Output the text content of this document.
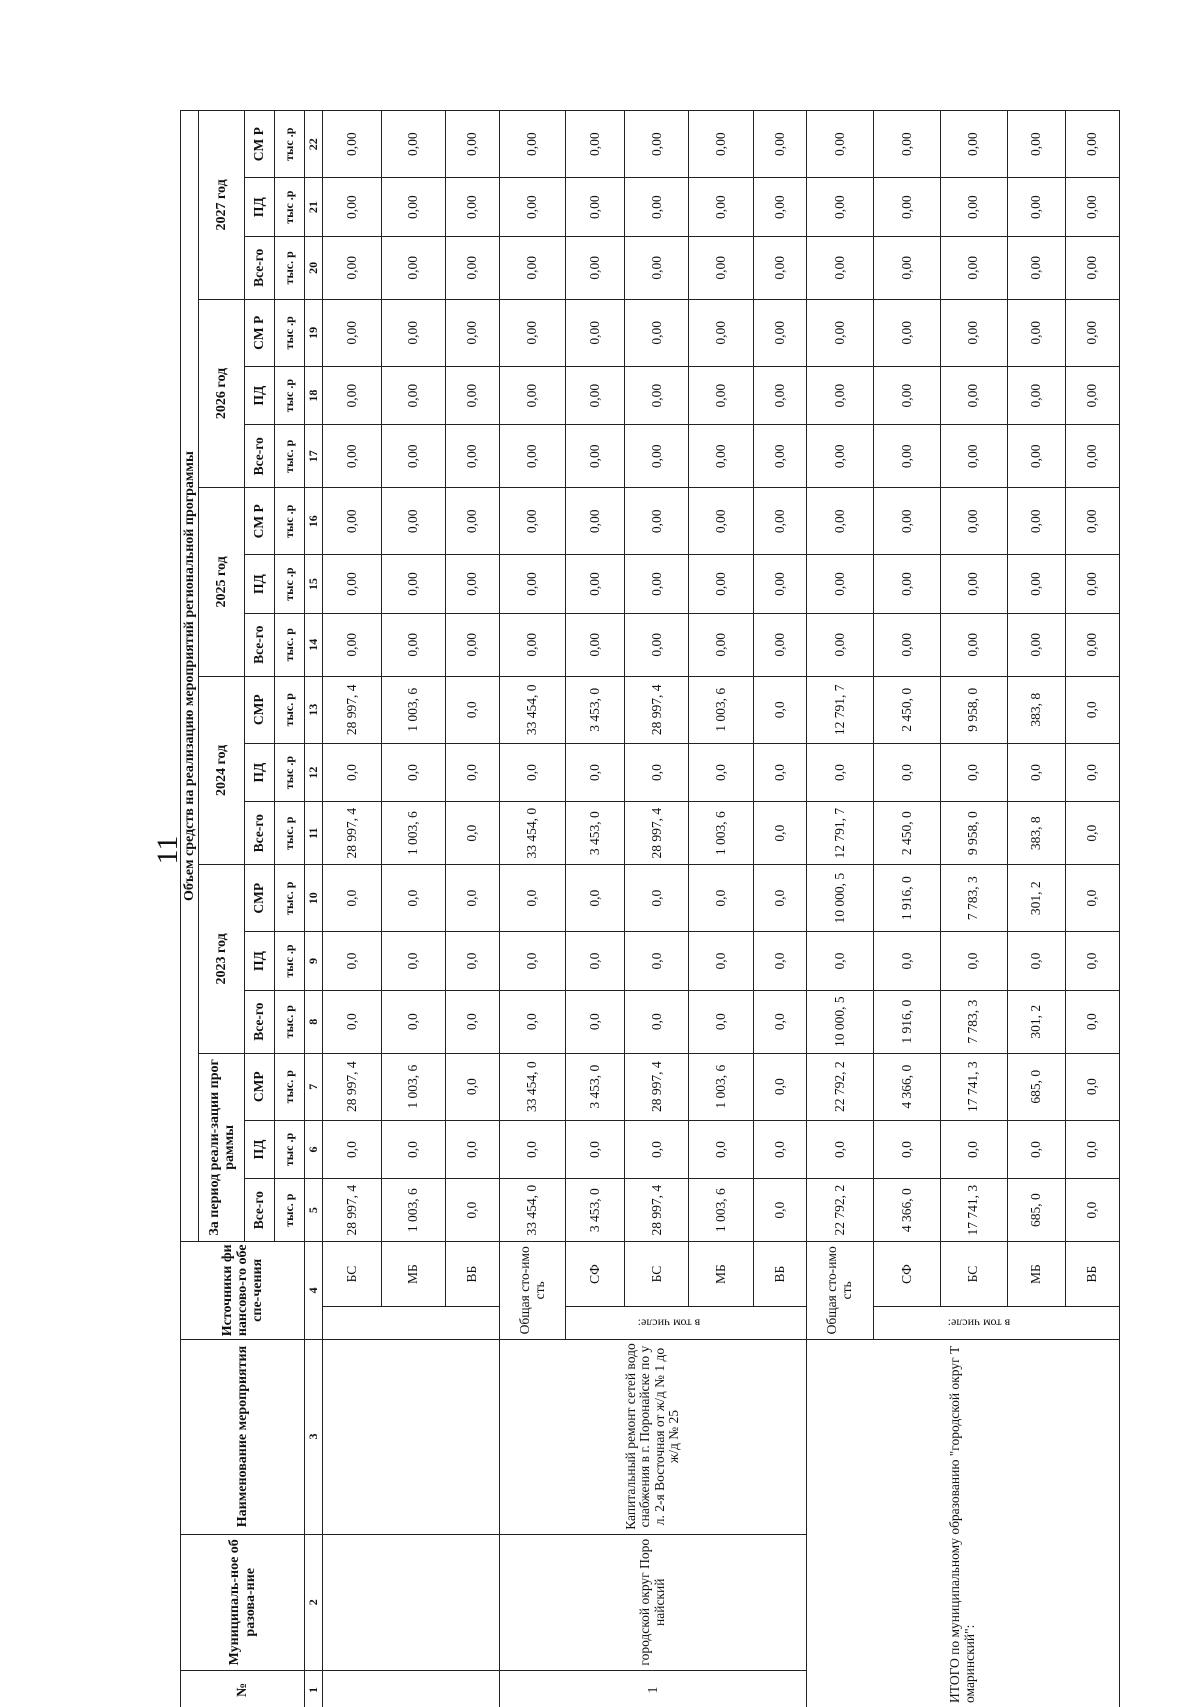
11
№	Муниципаль-ное образова-ние	Наименование мероприятия	Источники финансово-го обеспе-чения		Объем средств на реализацию мероприятий региональной программы																	
					За период реали-зации программы			2023 год			2024 год			2025 год			2026 год			2027 год		
					Все-го	ПД	СМР	Все-го	ПД	СМР	Все-го	ПД	СМР	Все-го	ПД	СМ Р	Все-го	ПД	СМ Р	Все-го	ПД	СМ Р
					тыс. р	тыс .р	тыс. р	тыс. р	тыс .р	тыс. р	тыс. р	тыс .р	тыс. р	тыс. р	тыс .р	тыс .р	тыс. р	тыс .р	тыс .р	тыс. р	тыс .р	тыс .р
1	2	3	4		5	6	7	8	9	10	11	12	13	14	15	16	17	18	19	20	21	22
				БС	28 997, 4	0,0	28 997, 4	0,0	0,0	0,0	28 997, 4	0,0	28 997, 4	0,00	0,00	0,00	0,00	0,00	0,00	0,00	0,00	0,00
				МБ	1 003, 6	0,0	1 003, 6	0,0	0,0	0,0	1 003, 6	0,0	1 003, 6	0,00	0,00	0,00	0,00	0,00	0,00	0,00	0,00	0,00
				ВБ	0,0	0,0	0,0	0,0	0,0	0,0	0,0	0,0	0,0	0,00	0,00	0,00	0,00	0,00	0,00	0,00	0,00	0,00
1	городской округ Поронайский	Капитальный ремонт сетей водоснабжения в г. Поронайске по ул. 2-я Восточная от ж/д № 1 до ж/д № 25	Общая сто-имость		33 454, 0	0,0	33 454, 0	0,0	0,0	0,0	33 454, 0	0,0	33 454, 0	0,00	0,00	0,00	0,00	0,00	0,00	0,00	0,00	0,00

			в том числе:	СФ	3 453, 0	0,0	3 453, 0	0,0	0,0	0,0	3 453, 0	0,0	3 453, 0	0,00	0,00	0,00	0,00	0,00	0,00	0,00	0,00	0,00
				БС	28 997, 4	0,0	28 997, 4	0,0	0,0	0,0	28 997, 4	0,0	28 997, 4	0,00	0,00	0,00	0,00	0,00	0,00	0,00	0,00	0,00
				МБ	1 003, 6	0,0	1 003, 6	0,0	0,0	0,0	1 003, 6	0,0	1 003, 6	0,00	0,00	0,00	0,00	0,00	0,00	0,00	0,00	0,00
				ВБ	0,0	0,0	0,0	0,0	0,0	0,0	0,0	0,0	0,0	0,00	0,00	0,00	0,00	0,00	0,00	0,00	0,00	0,00
ИТОГО по муниципальному образованию "городской округ Томаринский":			Общая сто-имость		22 792, 2	0,0	22 792, 2	10 000, 5	0,0	10 000, 5	12 791, 7	0,0	12 791, 7	0,00	0,00	0,00	0,00	0,00	0,00	0,00	0,00	0,00

			в том числе:	СФ	4 366, 0	0,0	4 366, 0	1 916, 0	0,0	1 916, 0	2 450, 0	0,0	2 450, 0	0,00	0,00	0,00	0,00	0,00	0,00	0,00	0,00	0,00
				БС	17 741, 3	0,0	17 741, 3	7 783, 3	0,0	7 783, 3	9 958, 0	0,0	9 958, 0	0,00	0,00	0,00	0,00	0,00	0,00	0,00	0,00	0,00
				МБ	685, 0	0,0	685, 0	301, 2	0,0	301, 2	383, 8	0,0	383, 8	0,00	0,00	0,00	0,00	0,00	0,00	0,00	0,00	0,00
				ВБ	0,0	0,0	0,0	0,0	0,0	0,0	0,0	0,0	0,0	0,00	0,00	0,00	0,00	0,00	0,00	0,00	0,00	0,00
